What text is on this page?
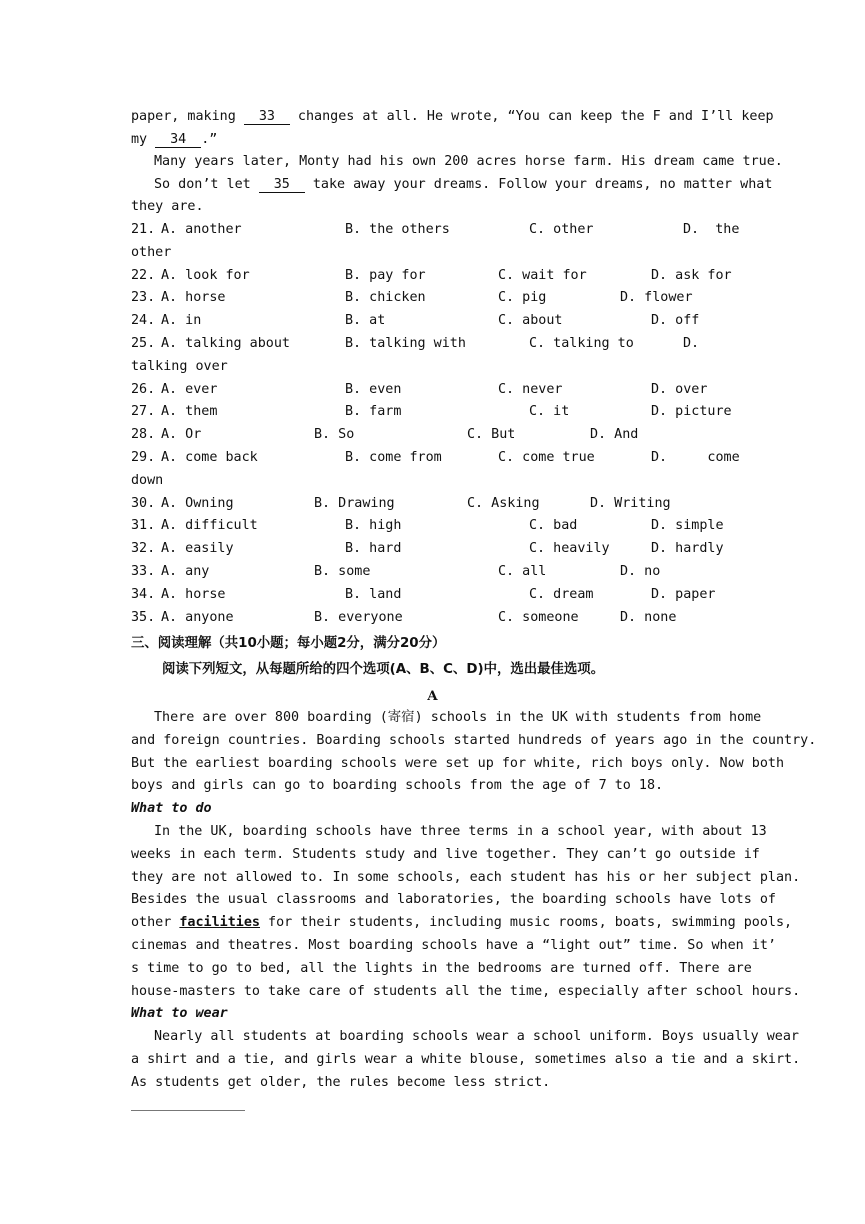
paper, making 33 changes at all. He wrote, “You can keep the F and I’ll keep
my 34 .”
Many years later, Monty had his own 200 acres horse farm. His dream came true.
So don’t let 35 take away your dreams. Follow your dreams, no matter what
they are.
21. A. another	B. the others	C. other	D.  the
other
22. A. look for	B. pay for	C. wait for	D. ask for
23. A. horse	B. chicken	C. pig	D. flower
24. A. in	B. at	C. about	D. off
25. A. talking about	B. talking with	C. talking to	D.
talking over
26. A. ever	B. even	C. never	D. over
27. A. them	B. farm	C. it	D. picture
28. A. Or	B. So	C. But	D. And
29. A. come back	B. come from	C. come true	D.     come
down
30. A. Owning	B. Drawing	C. Asking	D. Writing
31. A. difficult	B. high	C. bad	D. simple
32. A. easily	B. hard	C. heavily	D. hardly
33. A. any	B. some	C. all	D. no
34. A. horse	B. land	C. dream	D. paper
35. A. anyone	B. everyone	C. someone	D. none
三、阅读理解（共10小题；每小题2分，满分20分）
阅读下列短文，从每题所给的四个选项(A、B、C、D)中，选出最佳选项。
A
There are over 800 boarding (寄宿) schools in the UK with students from home
and foreign countries. Boarding schools started hundreds of years ago in the country.
But the earliest boarding schools were set up for white, rich boys only. Now both
boys and girls can go to boarding schools from the age of 7 to 18.
What to do
In the UK, boarding schools have three terms in a school year, with about 13
weeks in each term. Students study and live together. They can’t go outside if
they are not allowed to. In some schools, each student has his or her subject plan.
Besides the usual classrooms and laboratories, the boarding schools have lots of
other facilities for their students, including music rooms, boats, swimming pools,
cinemas and theatres. Most boarding schools have a “light out” time. So when it’
s time to go to bed, all the lights in the bedrooms are turned off. There are
house-masters to take care of students all the time, especially after school hours.
What to wear
Nearly all students at boarding schools wear a school uniform. Boys usually wear
a shirt and a tie, and girls wear a white blouse, sometimes also a tie and a skirt.
As students get older, the rules become less strict.
